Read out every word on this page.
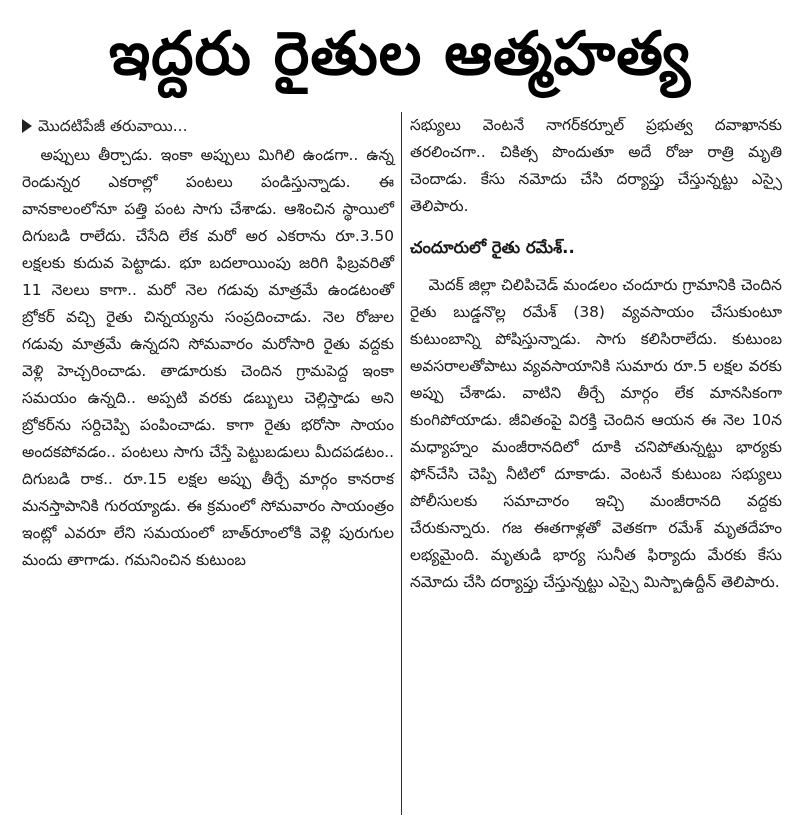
ఇద్దరు రైతుల ఆత్మహత్య
మొదటిపేజీ తరువాయి...

అప్పులు తీర్చాడు. ఇంకా అప్పులు మిగిలి ఉండగా.. ఉన్న రెండున్నర ఎకరాల్లో పంటలు పండిస్తున్నాడు. ఈ వానకాలంలోనూ పత్తి పంట సాగు చేశాడు. ఆశించిన స్థాయిలో దిగుబడి రాలేదు. చేసేది లేక మరో అర ఎకరాను రూ.3.50 లక్షలకు కుదువ పెట్టాడు. భూ బదలాయింపు జరిగి ఫిబ్రవరితో 11 నెలలు కాగా.. మరో నెల గడువు మాత్రమే ఉండటంతో బ్రోకర్ వచ్చి రైతు చిన్నయ్యను సంప్రదించాడు. నెల రోజుల గడువు మాత్రమే ఉన్నదని సోమవారం మరోసారి రైతు వద్దకు వెళ్లి హెచ్చరించాడు. తాడూరుకు చెందిన గ్రామపెద్ద ఇంకా సమయం ఉన్నది.. అప్పటి వరకు డబ్బులు చెల్లిస్తాడు అని బ్రోకర్‌ను సర్దిచెప్పి పంపించాడు. కాగా రైతు భరోసా సాయం అందకపోవడం.. పంటలు సాగు చేస్తే పెట్టుబడులు మీదపడటం.. దిగుబడి రాక.. రూ.15 లక్షల అప్పు తీర్చే మార్గం కానరాక మనస్తాపానికి గురయ్యాడు. ఈ క్రమంలో సోమవారం సాయంత్రం ఇంట్లో ఎవరూ లేని సమయంలో బాత్‌రూంలోకి వెళ్లి పురుగుల మందు తాగాడు. గమనించిన కుటుంబ

సభ్యులు వెంటనే నాగర్‌కర్నూల్ ప్రభుత్వ దవాఖానకు తరలించగా.. చికిత్స పొందుతూ అదే రోజు రాత్రి మృతి చెందాడు. కేసు నమోదు చేసి దర్యాప్తు చేస్తున్నట్టు ఎస్సై తెలిపారు.

చందూరులో రైతు రమేశ్..

మెదక్ జిల్లా చిలిపిచెడ్ మండలం చందూరు గ్రామానికి చెందిన రైతు బుడ్డనొల్ల రమేశ్ (38) వ్యవసాయం చేసుకుంటూ కుటుంబాన్ని పోషిస్తున్నాడు. సాగు కలిసిరాలేదు. కుటుంబ అవసరాలతోపాటు వ్యవసాయానికి సుమారు రూ.5 లక్షల వరకు అప్పు చేశాడు. వాటిని తీర్చే మార్గం లేక మానసికంగా కుంగిపోయాడు. జీవితంపై విరక్తి చెందిన ఆయన ఈ నెల 10న మధ్యాహ్నం మంజీరానదిలో దూకి చనిపోతున్నట్టు భార్యకు ఫోన్‌చేసి చెప్పి నీటిలో దూకాడు. వెంటనే కుటుంబ సభ్యులు పోలీసులకు సమాచారం ఇచ్చి మంజీరానది వద్దకు చేరుకున్నారు. గజ ఈతగాళ్లతో వెతకగా రమేశ్ మృతదేహం లభ్యమైంది. మృతుడి భార్య సునీత ఫిర్యాదు మేరకు కేసు నమోదు చేసి దర్యాప్తు చేస్తున్నట్టు ఎస్సై మిస్బాఉద్దీన్ తెలిపారు.
